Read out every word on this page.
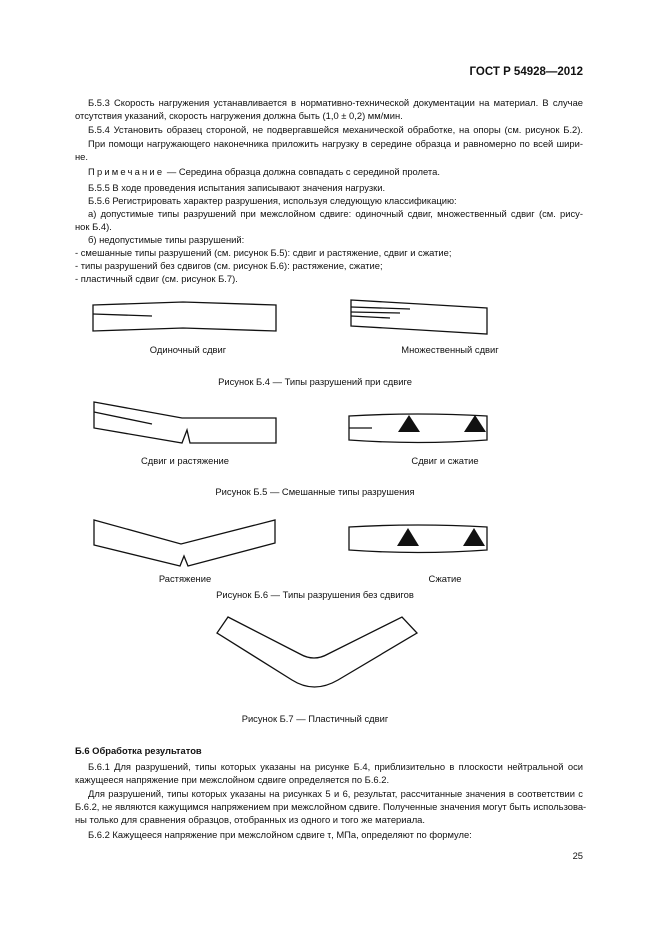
ГОСТ Р 54928—2012
Б.5.3 Скорость нагружения устанавливается в нормативно-технической документации на материал. В случае
отсутствия указаний, скорость нагружения должна быть (1,0 ± 0,2) мм/мин.
Б.5.4 Установить образец стороной, не подвергавшейся механической обработке, на опоры (см. рисунок Б.2).
При помощи нагружающего наконечника приложить нагрузку в середине образца и равномерно по всей шири-
не.
Примечание — Середина образца должна совпадать с серединой пролета.
Б.5.5 В ходе проведения испытания записывают значения нагрузки.
Б.5.6 Регистрировать характер разрушения, используя следующую классификацию:
а) допустимые типы разрушений при межслойном сдвиге: одиночный сдвиг, множественный сдвиг (см. рису-
нок Б.4).
б) недопустимые типы разрушений:
- смешанные типы разрушений (см. рисунок Б.5): сдвиг и растяжение, сдвиг и сжатие;
- типы разрушений без сдвигов (см. рисунок Б.6): растяжение, сжатие;
- пластичный сдвиг (см. рисунок Б.7).
Одиночный сдвиг	Множественный сдвиг
Рисунок Б.4 — Типы разрушений при сдвиге
Сдвиг и растяжение	Сдвиг и сжатие
Рисунок Б.5 — Смешанные типы разрушения
Растяжение	Сжатие
Рисунок Б.6 — Типы разрушения без сдвигов
Рисунок Б.7 — Пластичный сдвиг
Б.6 Обработка результатов
Б.6.1 Для разрушений, типы которых указаны на рисунке Б.4, приблизительно в плоскости нейтральной оси
кажущееся напряжение при межслойном сдвиге определяется по Б.6.2.
Для разрушений, типы которых указаны на рисунках 5 и 6, результат, рассчитанные значения в соответствии с
Б.6.2, не являются кажущимся напряжением при межслойном сдвиге. Полученные значения могут быть использова-
ны только для сравнения образцов, отобранных из одного и того же материала.
Б.6.2 Кажущееся напряжение при межслойном сдвиге τ, МПа, определяют по формуле:
25
